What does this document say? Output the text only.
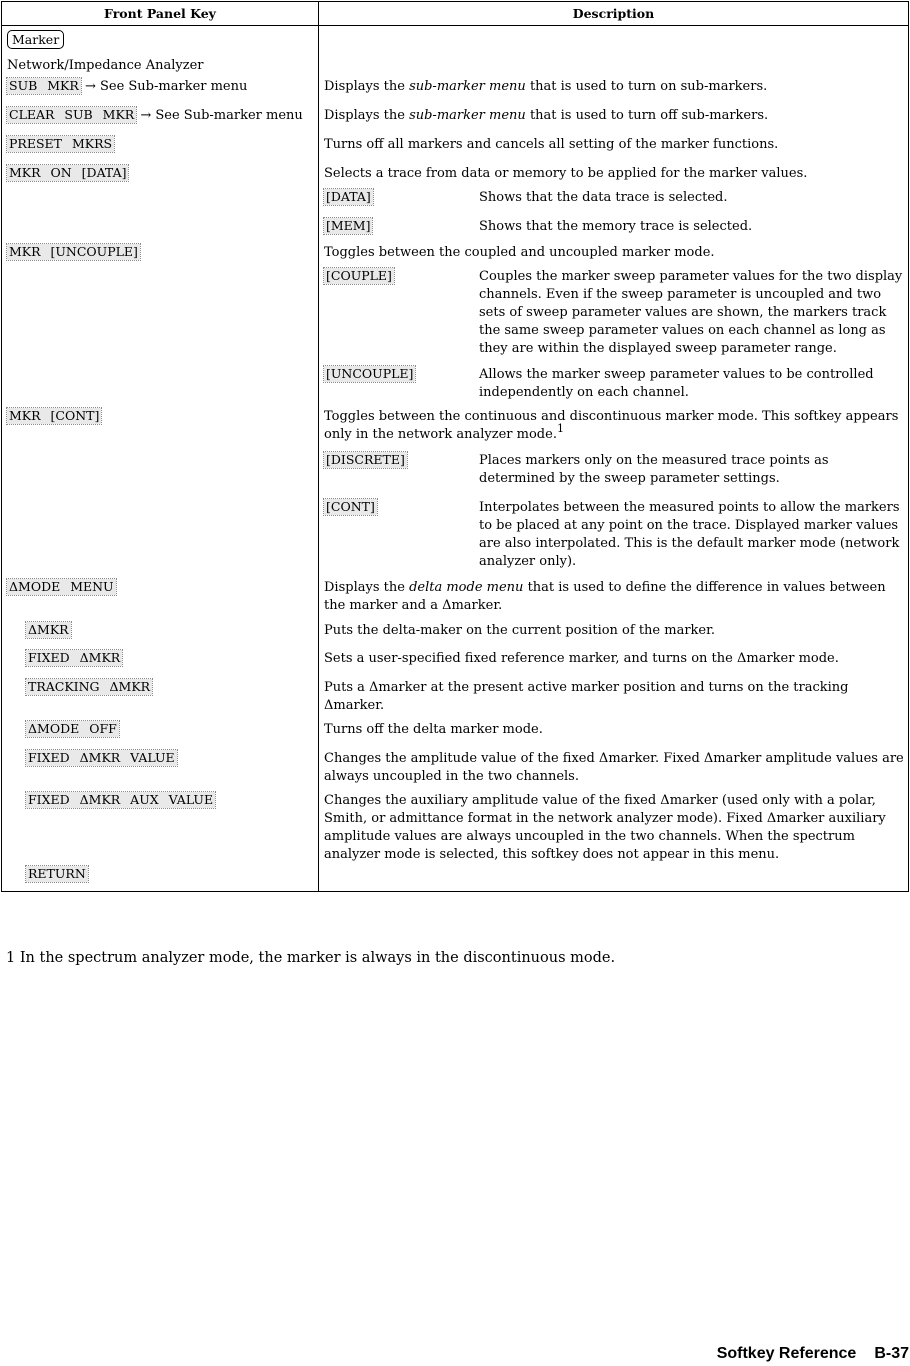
Front Panel Key	Description
Marker	
Network/Impedance Analyzer	
SUB MKR → See Sub-marker menu	Displays the sub-marker menu that is used to turn on sub-markers.
CLEAR SUB MKR → See Sub-marker menu	Displays the sub-marker menu that is used to turn off sub-markers.
PRESET MKRS	Turns off all markers and cancels all setting of the marker functions.
MKR ON [DATA]	Selects a trace from data or memory to be applied for the marker values.
[DATA] Shows that the data trace is selected.
[MEM] Shows that the memory trace is selected.

MKR [UNCOUPLE]	Toggles between the coupled and uncoupled marker mode.
[COUPLE] Couples the marker sweep parameter values for the two display channels. Even if the sweep parameter is uncoupled and two sets of sweep parameter values are shown, the markers track the same sweep parameter values on each channel as long as they are within the displayed sweep parameter range.
[UNCOUPLE] Allows the marker sweep parameter values to be controlled independently on each channel.

MKR [CONT]	Toggles between the continuous and discontinuous marker mode. This softkey appears only in the network analyzer mode.$^1$
[DISCRETE] Places markers only on the measured trace points as determined by the sweep parameter settings.
[CONT] Interpolates between the measured points to allow the markers to be placed at any point on the trace. Displayed marker values are also interpolated. This is the default marker mode (network analyzer only).

ΔMODE MENU	Displays the delta mode menu that is used to define the difference in values between the marker and a Δmarker.
ΔMKR	Puts the delta-maker on the current position of the marker.
FIXED ΔMKR	Sets a user-specified fixed reference marker, and turns on the Δmarker mode.
TRACKING ΔMKR	Puts a Δmarker at the present active marker position and turns on the tracking Δmarker.
ΔMODE OFF	Turns off the delta marker mode.
FIXED ΔMKR VALUE	Changes the amplitude value of the fixed Δmarker. Fixed Δmarker amplitude values are always uncoupled in the two channels.
FIXED ΔMKR AUX VALUE	Changes the auxiliary amplitude value of the fixed Δmarker (used only with a polar, Smith, or admittance format in the network analyzer mode). Fixed Δmarker auxiliary amplitude values are always uncoupled in the two channels. When the spectrum analyzer mode is selected, this softkey does not appear in this menu.
RETURN	
1 In the spectrum analyzer mode, the marker is always in the discontinuous mode.
Softkey Reference B-37
